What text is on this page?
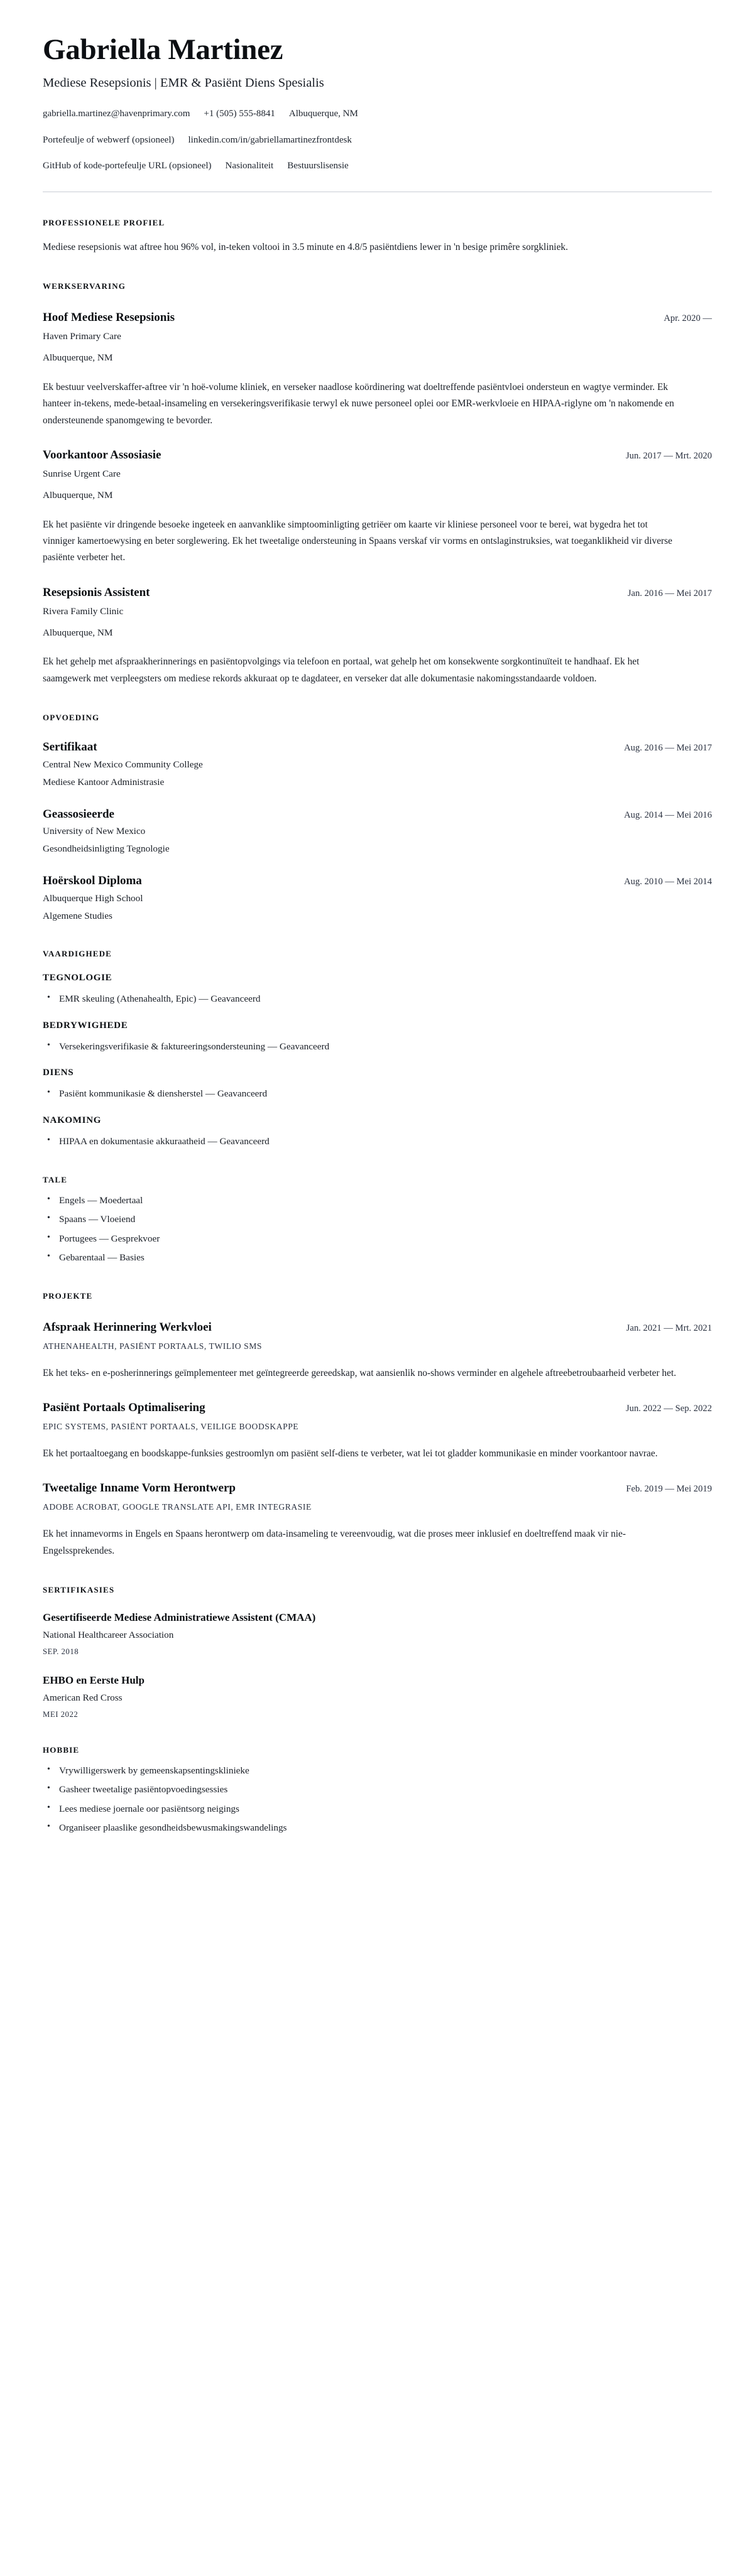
Gabriella Martinez
Mediese Resepsionis | EMR & Pasiënt Diens Spesialis
gabriella.martinez@havenprimary.com +1 (505) 555-8841 Albuquerque, NM
Portefeulje of webwerf (opsioneel) linkedin.com/in/gabriellamartinezfrontdesk
GitHub of kode-portefeulje URL (opsioneel) Nasionaliteit Bestuurslisensie
PROFESSIONELE PROFIEL

Mediese resepsionis wat aftree hou 96% vol, in-teken voltooi in 3.5 minute en 4.8/5 pasiëntdiens lewer in 'n besige primêre sorgkliniek.

WERKSERVARING
Hoof Mediese Resepsionis	Apr. 2020 —
Haven Primary Care
Albuquerque, NM

Ek bestuur veelverskaffer-aftree vir 'n hoë-volume kliniek, en verseker naadlose koördinering wat doeltreffende pasiëntvloei ondersteun en wagtye verminder. Ek hanteer in-tekens, mede-betaal-insameling en versekeringsverifikasie terwyl ek nuwe personeel oplei oor EMR-werkvloeie en HIPAA-riglyne om 'n nakomende en ondersteunende spanomgewing te bevorder.

Voorkantoor Assosiasie	Jun. 2017 — Mrt. 2020
Sunrise Urgent Care
Albuquerque, NM

Ek het pasiënte vir dringende besoeke ingeteek en aanvanklike simptoominligting getriëer om kaarte vir kliniese personeel voor te berei, wat bygedra het tot vinniger kamertoewysing en beter sorglewering. Ek het tweetalige ondersteuning in Spaans verskaf vir vorms en ontslaginstruksies, wat toeganklikheid vir diverse pasiënte verbeter het.

Resepsionis Assistent	Jan. 2016 — Mei 2017
Rivera Family Clinic
Albuquerque, NM

Ek het gehelp met afspraakherinnerings en pasiëntopvolgings via telefoon en portaal, wat gehelp het om konsekwente sorgkontinuïteit te handhaaf. Ek het saamgewerk met verpleegsters om mediese rekords akkuraat op te dagdateer, en verseker dat alle dokumentasie nakomingsstandaarde voldoen.

OPVOEDING
Sertifikaat	Aug. 2016 — Mei 2017
Central New Mexico Community College
Mediese Kantoor Administrasie
Geassosieerde	Aug. 2014 — Mei 2016
University of New Mexico
Gesondheidsinligting Tegnologie
Hoërskool Diploma	Aug. 2010 — Mei 2014
Albuquerque High School
Algemene Studies
VAARDIGHEDE
TEGNOLOGIE
• EMR skeuling (Athenahealth, Epic) — Geavanceerd
BEDRYWIGHEDE
• Versekeringsverifikasie & faktureeringsondersteuning — Geavanceerd
DIENS
• Pasiënt kommunikasie & diensherstel — Geavanceerd
NAKOMING
• HIPAA en dokumentasie akkuraatheid — Geavanceerd
TALE
• Engels — Moedertaal
• Spaans — Vloeiend
• Portugees — Gesprekvoer
• Gebarentaal — Basies
PROJEKTE
Afspraak Herinnering Werkvloei	Jan. 2021 — Mrt. 2021
ATHENAHEALTH, PASIËNT PORTAALS, TWILIO SMS

Ek het teks- en e-posherinnerings geïmplementeer met geïntegreerde gereedskap, wat aansienlik no-shows verminder en algehele aftreebetroubaarheid verbeter het.

Pasiënt Portaals Optimalisering	Jun. 2022 — Sep. 2022
EPIC SYSTEMS, PASIËNT PORTAALS, VEILIGE BOODSKAPPE

Ek het portaaltoegang en boodskappe-funksies gestroomlyn om pasiënt self-diens te verbeter, wat lei tot gladder kommunikasie en minder voorkantoor navrae.

Tweetalige Inname Vorm Herontwerp	Feb. 2019 — Mei 2019
ADOBE ACROBAT, GOOGLE TRANSLATE API, EMR INTEGRASIE

Ek het innamevorms in Engels en Spaans herontwerp om data-insameling te vereenvoudig, wat die proses meer inklusief en doeltreffend maak vir nie-Engelssprekendes.

SERTIFIKASIES
Gesertifiseerde Mediese Administratiewe Assistent (CMAA)
National Healthcareer Association
SEP. 2018
EHBO en Eerste Hulp
American Red Cross
MEI 2022
HOBBIE
• Vrywilligerswerk by gemeenskapsentingsklinieke
• Gasheer tweetalige pasiëntopvoedingsessies
• Lees mediese joernale oor pasiëntsorg neigings
• Organiseer plaaslike gesondheidsbewusmakingswandelings
